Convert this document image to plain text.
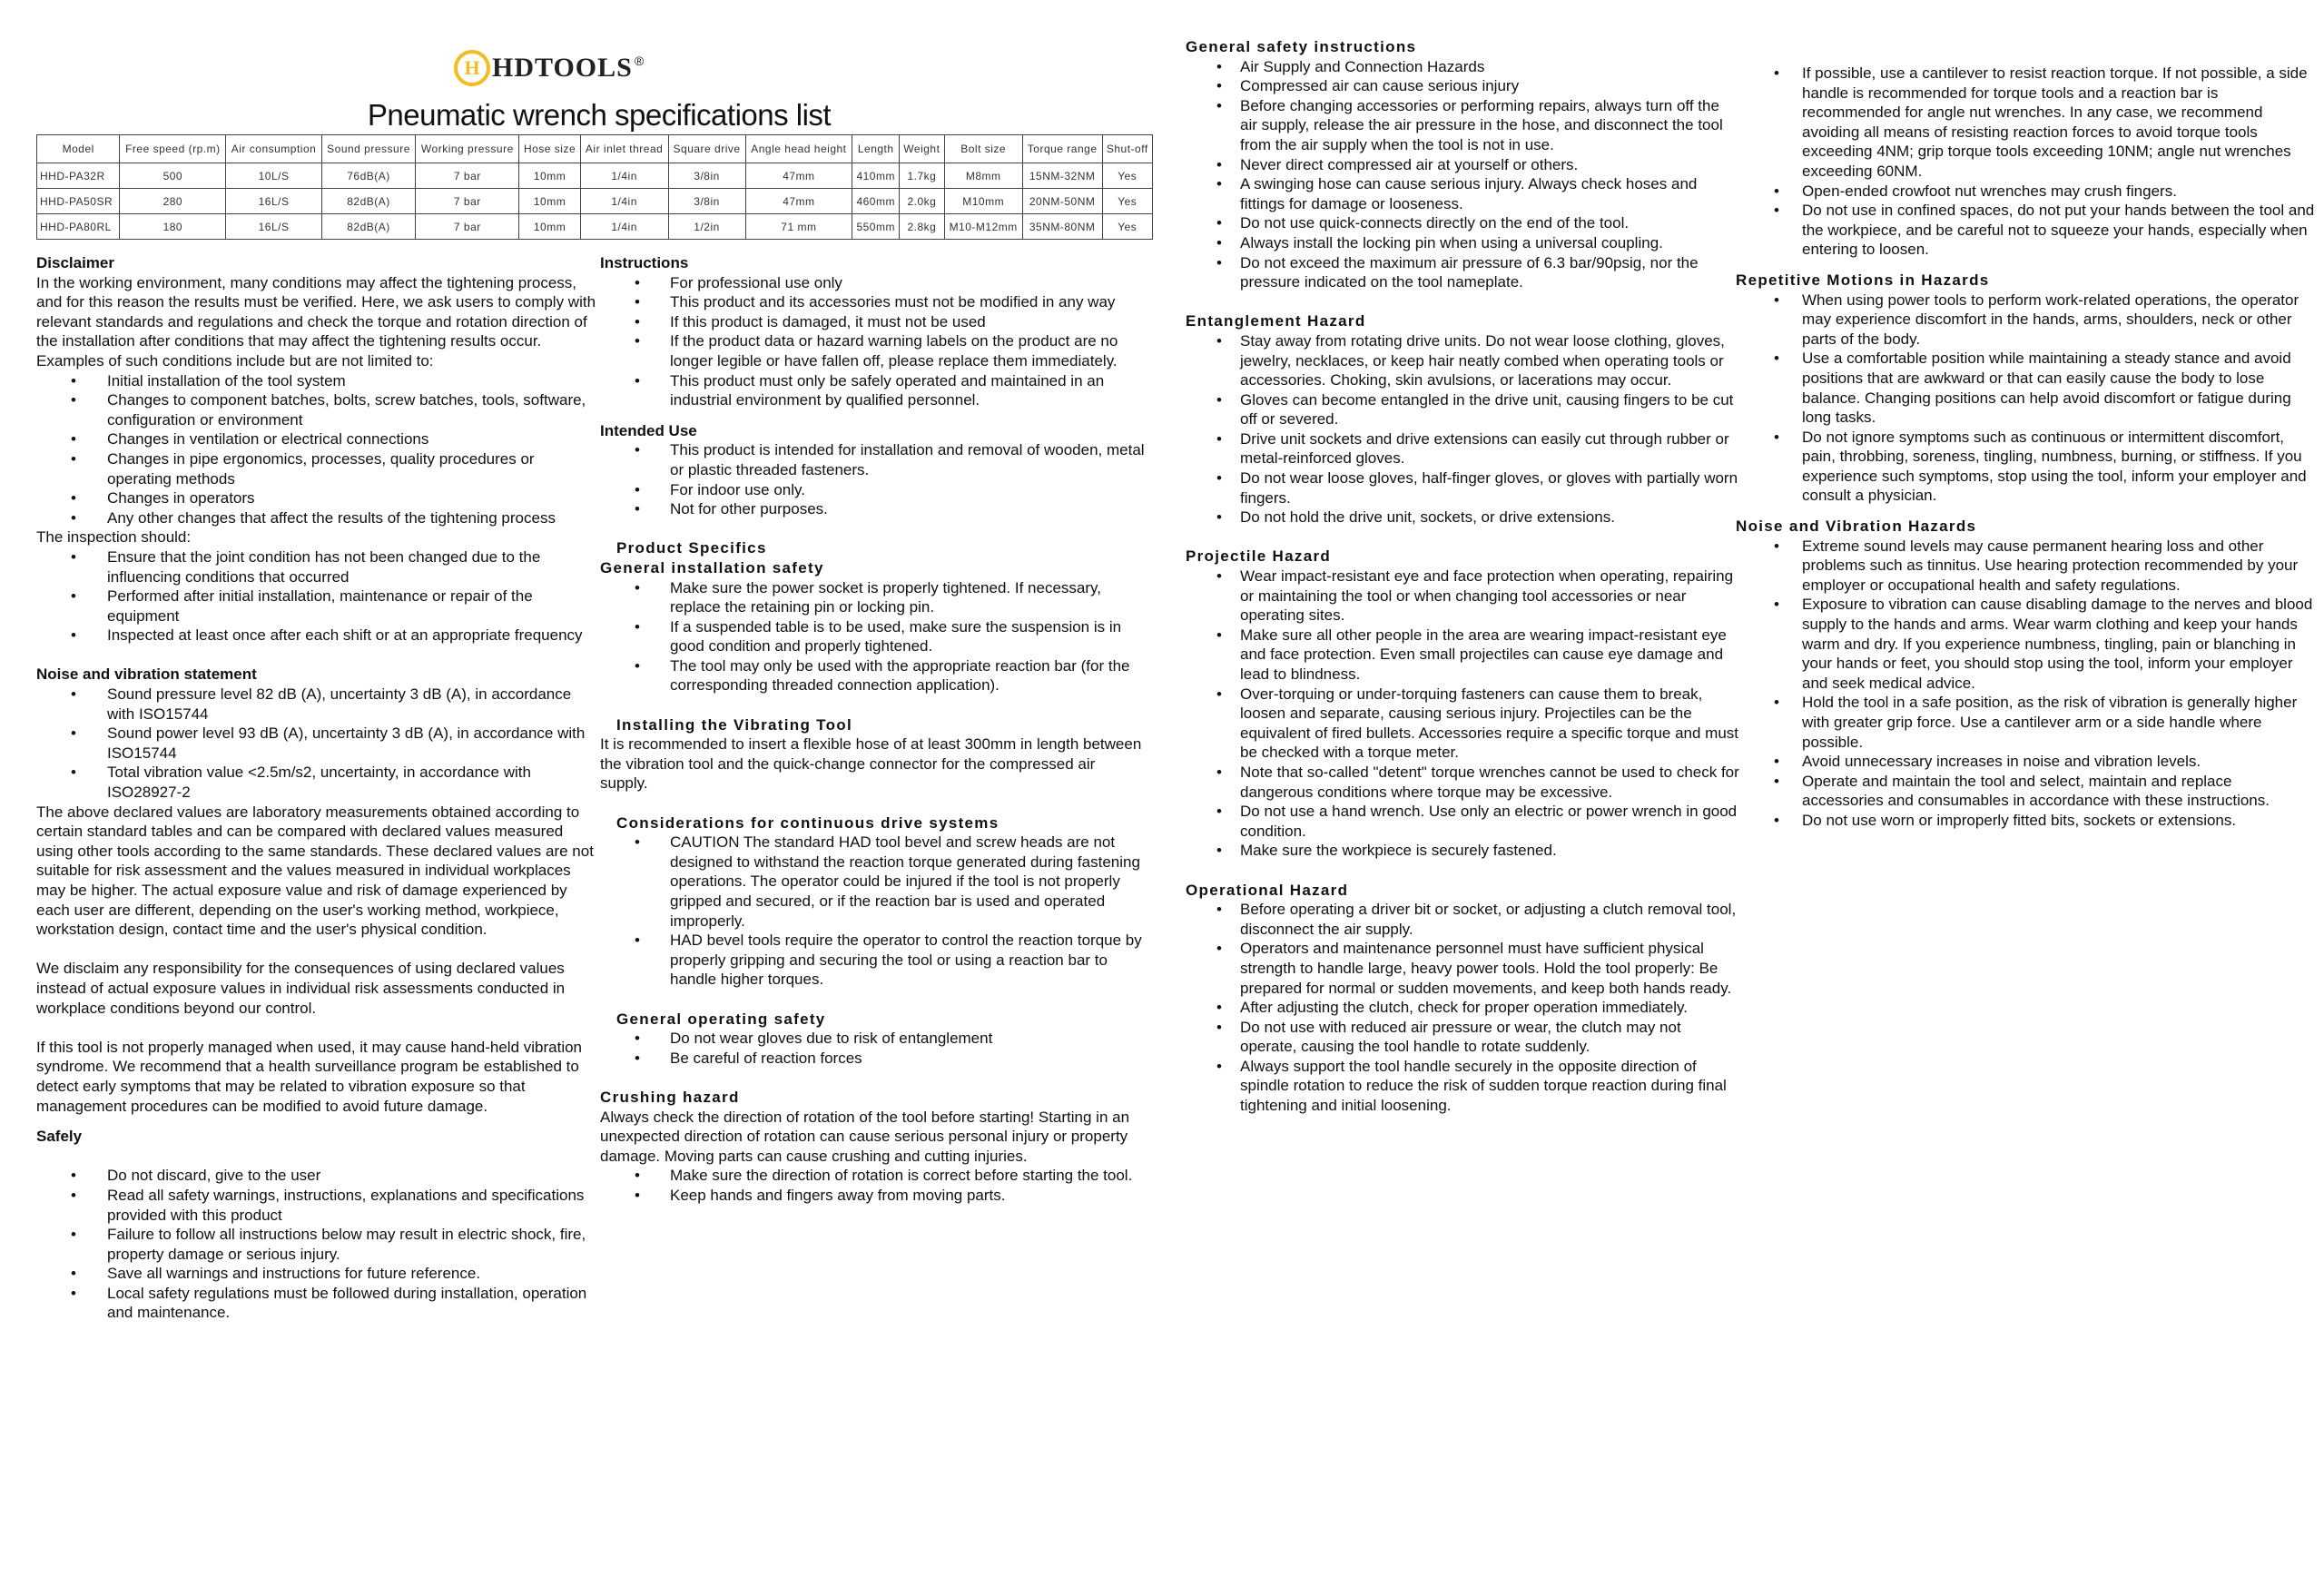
H HDTOOLS ®
Pneumatic wrench specifications list
Model	Free speed (rp.m)	Air consumption	Sound pressure	Working pressure	Hose size	Air inlet thread	Square drive	Angle head height	Length	Weight	Bolt size	Torque range	Shut-off
HHD-PA32R	500	10L/S	76dB(A)	7 bar	10mm	1/4in	3/8in	47mm	410mm	1.7kg	M8mm	15NM-32NM	Yes
HHD-PA50SR	280	16L/S	82dB(A)	7 bar	10mm	1/4in	3/8in	47mm	460mm	2.0kg	M10mm	20NM-50NM	Yes
HHD-PA80RL	180	16L/S	82dB(A)	7 bar	10mm	1/4in	1/2in	71 mm	550mm	2.8kg	M10-M12mm	35NM-80NM	Yes
Disclaimer

In the working environment, many conditions may affect the tightening process, and for this reason the results must be verified. Here, we ask users to comply with relevant standards and regulations and check the torque and rotation direction of the installation after conditions that may affect the tightening results occur. Examples of such conditions include but are not limited to:

• Initial installation of the tool system
• Changes to component batches, bolts, screw batches, tools, software, configuration or environment
• Changes in ventilation or electrical connections
• Changes in pipe ergonomics, processes, quality procedures or operating methods
• Changes in operators
• Any other changes that affect the results of the tightening process

The inspection should:

• Ensure that the joint condition has not been changed due to the influencing conditions that occurred
• Performed after initial installation, maintenance or repair of the equipment
• Inspected at least once after each shift or at an appropriate frequency
Noise and vibration statement
• Sound pressure level 82 dB (A), uncertainty 3 dB (A), in accordance with ISO15744
• Sound power level 93 dB (A), uncertainty 3 dB (A), in accordance with ISO15744
• Total vibration value <2.5m/s2, uncertainty, in accordance with ISO28927-2

The above declared values are laboratory measurements obtained according to certain standard tables and can be compared with declared values measured using other tools according to the same standards. These declared values are not suitable for risk assessment and the values measured in individual workplaces may be higher. The actual exposure value and risk of damage experienced by each user are different, depending on the user's working method, workpiece, workstation design, contact time and the user's physical condition.

We disclaim any responsibility for the consequences of using declared values instead of actual exposure values in individual risk assessments conducted in workplace conditions beyond our control.

If this tool is not properly managed when used, it may cause hand-held vibration syndrome. We recommend that a health surveillance program be established to detect early symptoms that may be related to vibration exposure so that management procedures can be modified to avoid future damage.

Safely
• Do not discard, give to the user
• Read all safety warnings, instructions, explanations and specifications provided with this product
• Failure to follow all instructions below may result in electric shock, fire, property damage or serious injury.
• Save all warnings and instructions for future reference.
• Local safety regulations must be followed during installation, operation and maintenance.
Instructions
• For professional use only
• This product and its accessories must not be modified in any way
• If this product is damaged, it must not be used
• If the product data or hazard warning labels on the product are no longer legible or have fallen off, please replace them immediately.
• This product must only be safely operated and maintained in an industrial environment by qualified personnel.
Intended Use
• This product is intended for installation and removal of wooden, metal or plastic threaded fasteners.
• For indoor use only.
• Not for other purposes.
Product Specifics
General installation safety
• Make sure the power socket is properly tightened. If necessary, replace the retaining pin or locking pin.
• If a suspended table is to be used, make sure the suspension is in good condition and properly tightened.
• The tool may only be used with the appropriate reaction bar (for the corresponding threaded connection application).
Installing the Vibrating Tool

It is recommended to insert a flexible hose of at least 300mm in length between the vibration tool and the quick-change connector for the compressed air supply.

Considerations for continuous drive systems
• CAUTION The standard HAD tool bevel and screw heads are not designed to withstand the reaction torque generated during fastening operations. The operator could be injured if the tool is not properly gripped and secured, or if the reaction bar is used and operated improperly.
• HAD bevel tools require the operator to control the reaction torque by properly gripping and securing the tool or using a reaction bar to handle higher torques.
General operating safety
• Do not wear gloves due to risk of entanglement
• Be careful of reaction forces
Crushing hazard

Always check the direction of rotation of the tool before starting! Starting in an unexpected direction of rotation can cause serious personal injury or property damage. Moving parts can cause crushing and cutting injuries.

• Make sure the direction of rotation is correct before starting the tool.
• Keep hands and fingers away from moving parts.
General safety instructions
• Air Supply and Connection Hazards
• Compressed air can cause serious injury
• Before changing accessories or performing repairs, always turn off the air supply, release the air pressure in the hose, and disconnect the tool from the air supply when the tool is not in use.
• Never direct compressed air at yourself or others.
• A swinging hose can cause serious injury. Always check hoses and fittings for damage or looseness.
• Do not use quick-connects directly on the end of the tool.
• Always install the locking pin when using a universal coupling.
• Do not exceed the maximum air pressure of 6.3 bar/90psig, nor the pressure indicated on the tool nameplate.
Entanglement Hazard
• Stay away from rotating drive units. Do not wear loose clothing, gloves, jewelry, necklaces, or keep hair neatly combed when operating tools or accessories. Choking, skin avulsions, or lacerations may occur.
• Gloves can become entangled in the drive unit, causing fingers to be cut off or severed.
• Drive unit sockets and drive extensions can easily cut through rubber or metal-reinforced gloves.
• Do not wear loose gloves, half-finger gloves, or gloves with partially worn fingers.
• Do not hold the drive unit, sockets, or drive extensions.
Projectile Hazard
• Wear impact-resistant eye and face protection when operating, repairing or maintaining the tool or when changing tool accessories or near operating sites.
• Make sure all other people in the area are wearing impact-resistant eye and face protection. Even small projectiles can cause eye damage and lead to blindness.
• Over-torquing or under-torquing fasteners can cause them to break, loosen and separate, causing serious injury. Projectiles can be the equivalent of fired bullets. Accessories require a specific torque and must be checked with a torque meter.
• Note that so-called "detent" torque wrenches cannot be used to check for dangerous conditions where torque may be excessive.
• Do not use a hand wrench. Use only an electric or power wrench in good condition.
• Make sure the workpiece is securely fastened.
Operational Hazard
• Before operating a driver bit or socket, or adjusting a clutch removal tool, disconnect the air supply.
• Operators and maintenance personnel must have sufficient physical strength to handle large, heavy power tools. Hold the tool properly: Be prepared for normal or sudden movements, and keep both hands ready.
• After adjusting the clutch, check for proper operation immediately.
• Do not use with reduced air pressure or wear, the clutch may not operate, causing the tool handle to rotate suddenly.
• Always support the tool handle securely in the opposite direction of spindle rotation to reduce the risk of sudden torque reaction during final tightening and initial loosening.
• If possible, use a cantilever to resist reaction torque. If not possible, a side handle is recommended for torque tools and a reaction bar is recommended for angle nut wrenches. In any case, we recommend avoiding all means of resisting reaction forces to avoid torque tools exceeding 4NM; grip torque tools exceeding 10NM; angle nut wrenches exceeding 60NM.
• Open-ended crowfoot nut wrenches may crush fingers.
• Do not use in confined spaces, do not put your hands between the tool and the workpiece, and be careful not to squeeze your hands, especially when entering to loosen.
Repetitive Motions in Hazards
• When using power tools to perform work-related operations, the operator may experience discomfort in the hands, arms, shoulders, neck or other parts of the body.
• Use a comfortable position while maintaining a steady stance and avoid positions that are awkward or that can easily cause the body to lose balance. Changing positions can help avoid discomfort or fatigue during long tasks.
• Do not ignore symptoms such as continuous or intermittent discomfort, pain, throbbing, soreness, tingling, numbness, burning, or stiffness. If you experience such symptoms, stop using the tool, inform your employer and consult a physician.
Noise and Vibration Hazards
• Extreme sound levels may cause permanent hearing loss and other problems such as tinnitus. Use hearing protection recommended by your employer or occupational health and safety regulations.
• Exposure to vibration can cause disabling damage to the nerves and blood supply to the hands and arms. Wear warm clothing and keep your hands warm and dry. If you experience numbness, tingling, pain or blanching in your hands or feet, you should stop using the tool, inform your employer and seek medical advice.
• Hold the tool in a safe position, as the risk of vibration is generally higher with greater grip force. Use a cantilever arm or a side handle where possible.
• Avoid unnecessary increases in noise and vibration levels.
• Operate and maintain the tool and select, maintain and replace accessories and consumables in accordance with these instructions.
• Do not use worn or improperly fitted bits, sockets or extensions.
